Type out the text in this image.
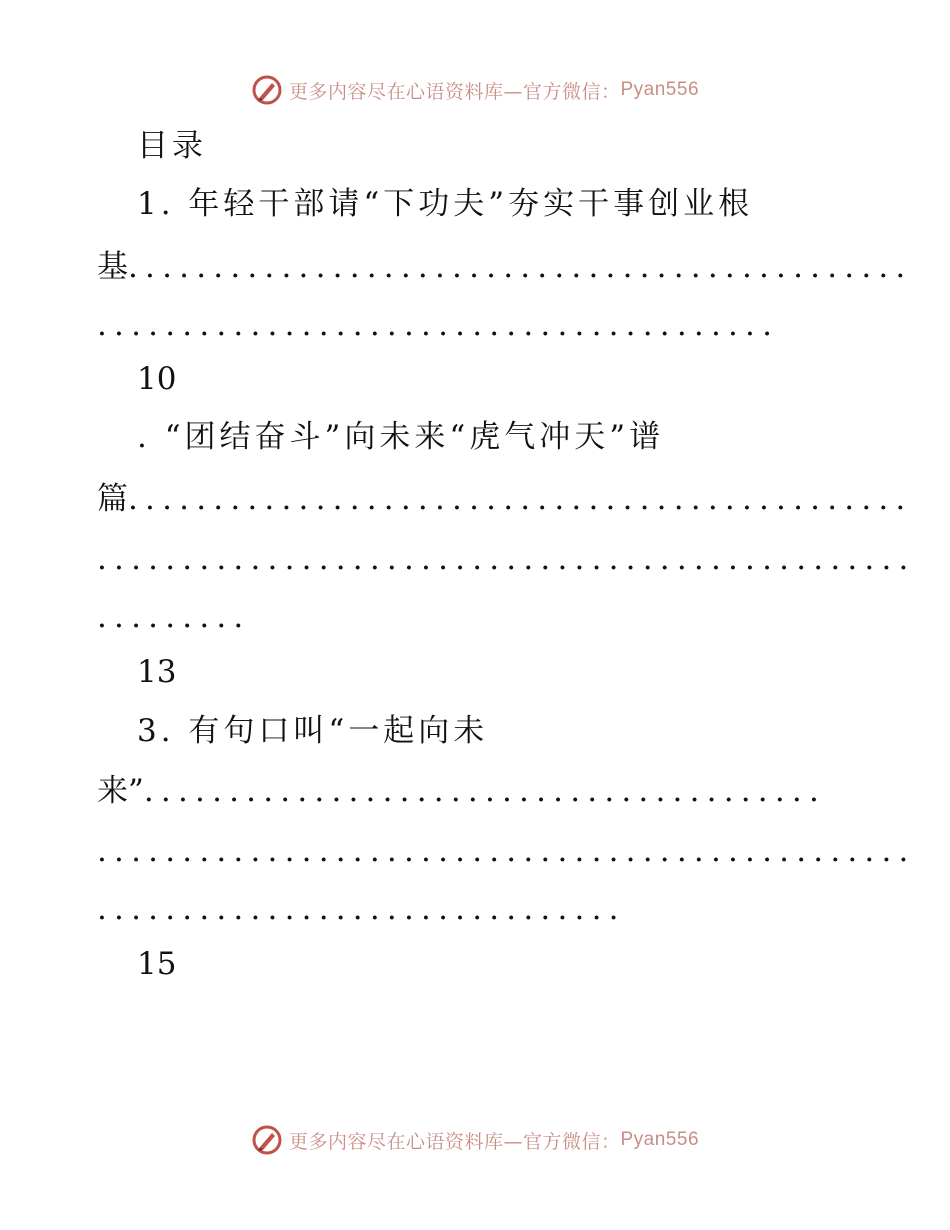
更多内容尽在心语资料库—官方微信： Pyan556
目录
1. 年轻干部请“下功夫”夯实干事创业根
基..............................................
........................................
10
. “团结奋斗”向未来“虎气冲天”谱
篇..............................................
................................................
.........
13
3. 有句口叫“一起向未
来”........................................
................................................
...............................
15
更多内容尽在心语资料库—官方微信： Pyan556
